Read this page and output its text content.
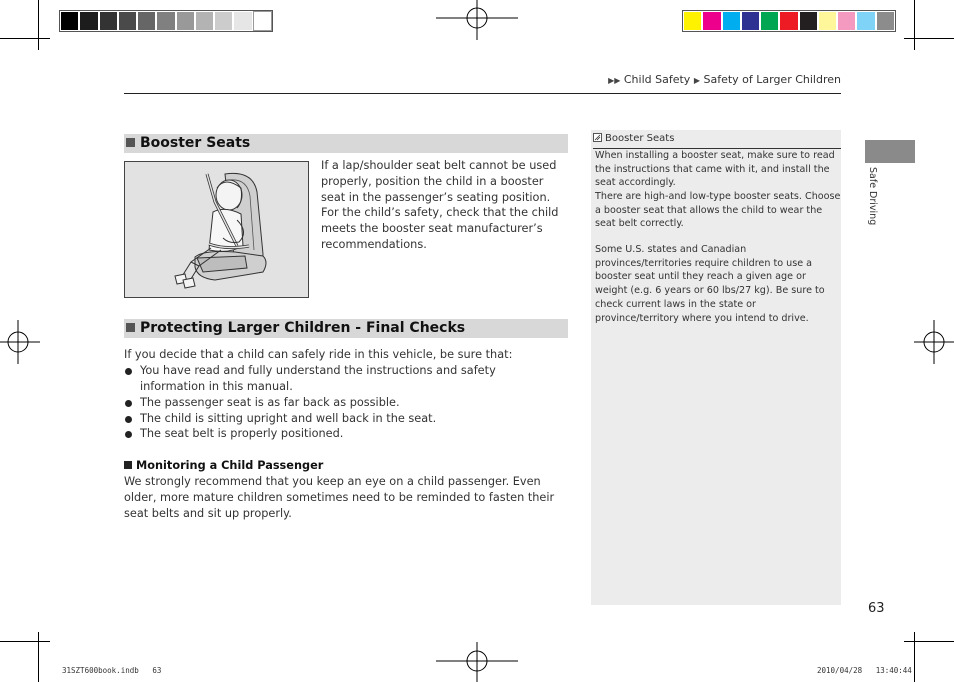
▶▶ Child Safety ▶ Safety of Larger Children
Safe Driving
Booster Seats
If a lap/shoulder seat belt cannot be used properly, position the child in a booster seat in the passenger’s seating position. For the child’s safety, check that the child meets the booster seat manufacturer’s recommendations.
Protecting Larger Children - Final Checks
If you decide that a child can safely ride in this vehicle, be sure that:
You have read and fully understand the instructions and safety information in this manual.
The passenger seat is as far back as possible.
The child is sitting upright and well back in the seat.
The seat belt is properly positioned.
Monitoring a Child Passenger
We strongly recommend that you keep an eye on a child passenger. Even older, more mature children sometimes need to be reminded to fasten their seat belts and sit up properly.
Booster Seats
When installing a booster seat, make sure to read the instructions that came with it, and install the seat accordingly.
There are high-and low-type booster seats. Choose a booster seat that allows the child to wear the seat belt correctly.
Some U.S. states and Canadian provinces/territories require children to use a booster seat until they reach a given age or weight (e.g. 6 years or 60 lbs/27 kg). Be sure to check current laws in the state or province/territory where you intend to drive.
63
31SZT600book.indb 63	2010/04/28 13:40:44
